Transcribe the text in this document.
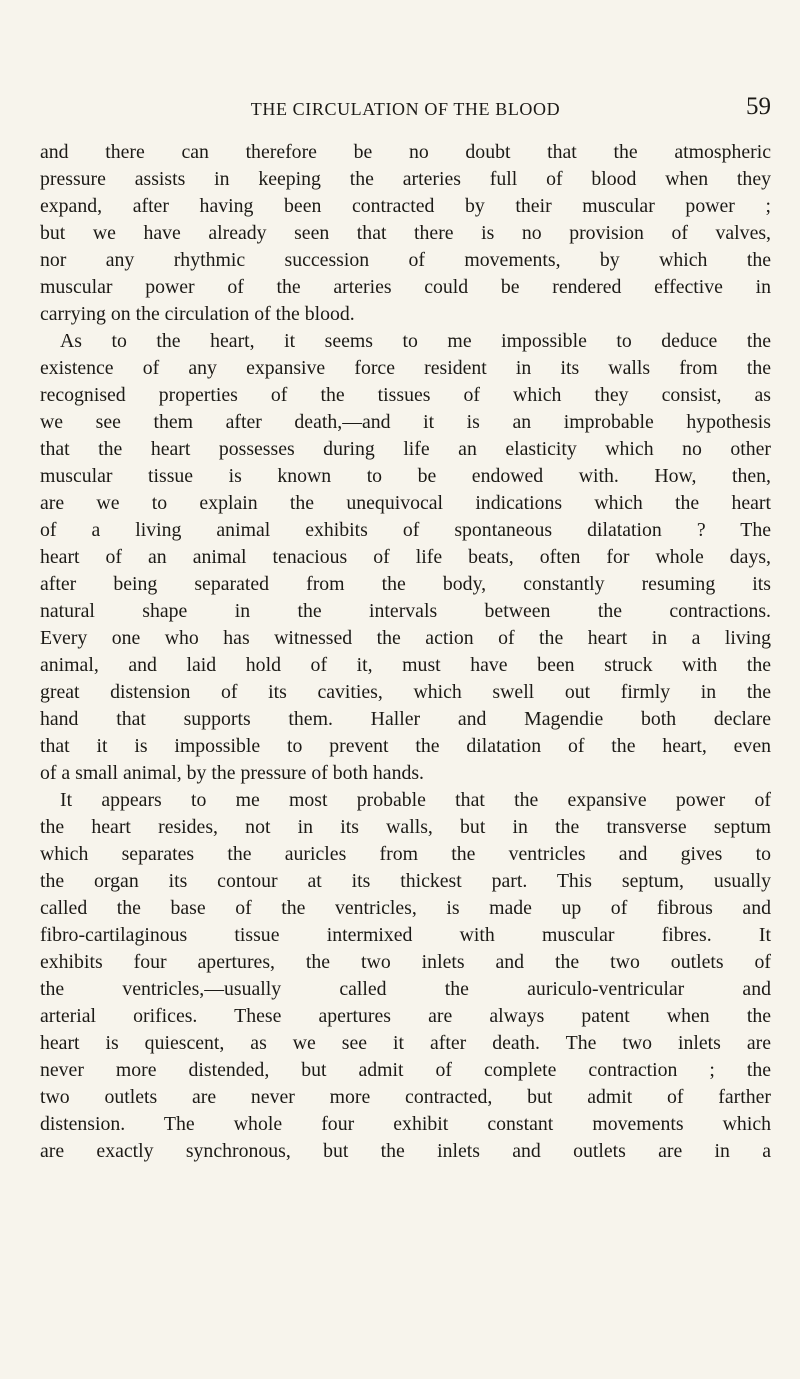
THE CIRCULATION OF THE BLOOD	59
and there can therefore be no doubt that the atmospheric
pressure assists in keeping the arteries full of blood when they
expand, after having been contracted by their muscular power ;
but we have already seen that there is no provision of valves,
nor any rhythmic succession of movements, by which the
muscular power of the arteries could be rendered effective in
carrying on the circulation of the blood.
As to the heart, it seems to me impossible to deduce the
existence of any expansive force resident in its walls from the
recognised properties of the tissues of which they consist, as
we see them after death,—and it is an improbable hypothesis
that the heart possesses during life an elasticity which no other
muscular tissue is known to be endowed with. How, then,
are we to explain the unequivocal indications which the heart
of a living animal exhibits of spontaneous dilatation ? The
heart of an animal tenacious of life beats, often for whole days,
after being separated from the body, constantly resuming its
natural shape in the intervals between the contractions.
Every one who has witnessed the action of the heart in a living
animal, and laid hold of it, must have been struck with the
great distension of its cavities, which swell out firmly in the
hand that supports them. Haller and Magendie both declare
that it is impossible to prevent the dilatation of the heart, even
of a small animal, by the pressure of both hands.
It appears to me most probable that the expansive power of
the heart resides, not in its walls, but in the transverse septum
which separates the auricles from the ventricles and gives to
the organ its contour at its thickest part. This septum, usually
called the base of the ventricles, is made up of fibrous and
fibro-cartilaginous tissue intermixed with muscular fibres. It
exhibits four apertures, the two inlets and the two outlets of
the ventricles,—usually called the auriculo-ventricular and
arterial orifices. These apertures are always patent when the
heart is quiescent, as we see it after death. The two inlets are
never more distended, but admit of complete contraction ; the
two outlets are never more contracted, but admit of farther
distension. The whole four exhibit constant movements which
are exactly synchronous, but the inlets and outlets are in a
